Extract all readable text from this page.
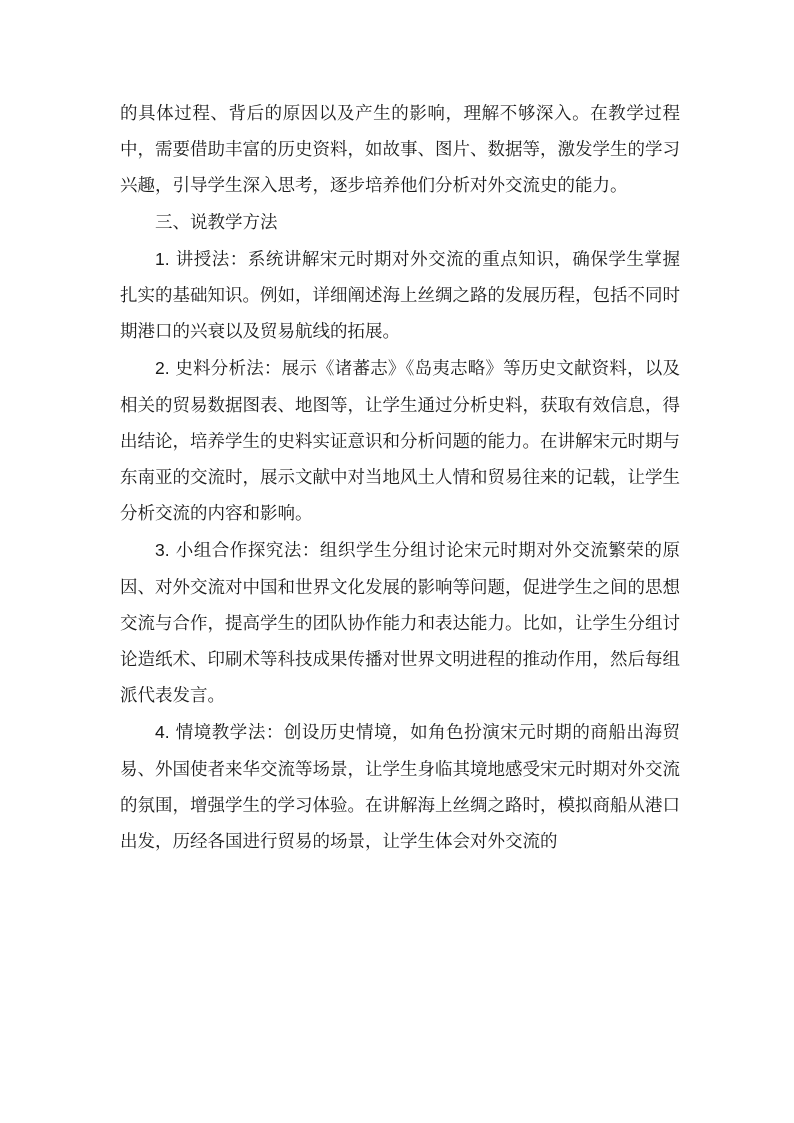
的具体过程、背后的原因以及产生的影响，理解不够深入。在教学过程中，需要借助丰富的历史资料，如故事、图片、数据等，激发学生的学习兴趣，引导学生深入思考，逐步培养他们分析对外交流史的能力。

三、说教学方法

1. 讲授法：系统讲解宋元时期对外交流的重点知识，确保学生掌握扎实的基础知识。例如，详细阐述海上丝绸之路的发展历程，包括不同时期港口的兴衰以及贸易航线的拓展。

2. 史料分析法：展示《诸蕃志》《岛夷志略》等历史文献资料，以及相关的贸易数据图表、地图等，让学生通过分析史料，获取有效信息，得出结论，培养学生的史料实证意识和分析问题的能力。在讲解宋元时期与东南亚的交流时，展示文献中对当地风土人情和贸易往来的记载，让学生分析交流的内容和影响。

3. 小组合作探究法：组织学生分组讨论宋元时期对外交流繁荣的原因、对外交流对中国和世界文化发展的影响等问题，促进学生之间的思想交流与合作，提高学生的团队协作能力和表达能力。比如，让学生分组讨论造纸术、印刷术等科技成果传播对世界文明进程的推动作用，然后每组派代表发言。

4. 情境教学法：创设历史情境，如角色扮演宋元时期的商船出海贸易、外国使者来华交流等场景，让学生身临其境地感受宋元时期对外交流的氛围，增强学生的学习体验。在讲解海上丝绸之路时，模拟商船从港口出发，历经各国进行贸易的场景，让学生体会对外交流的
